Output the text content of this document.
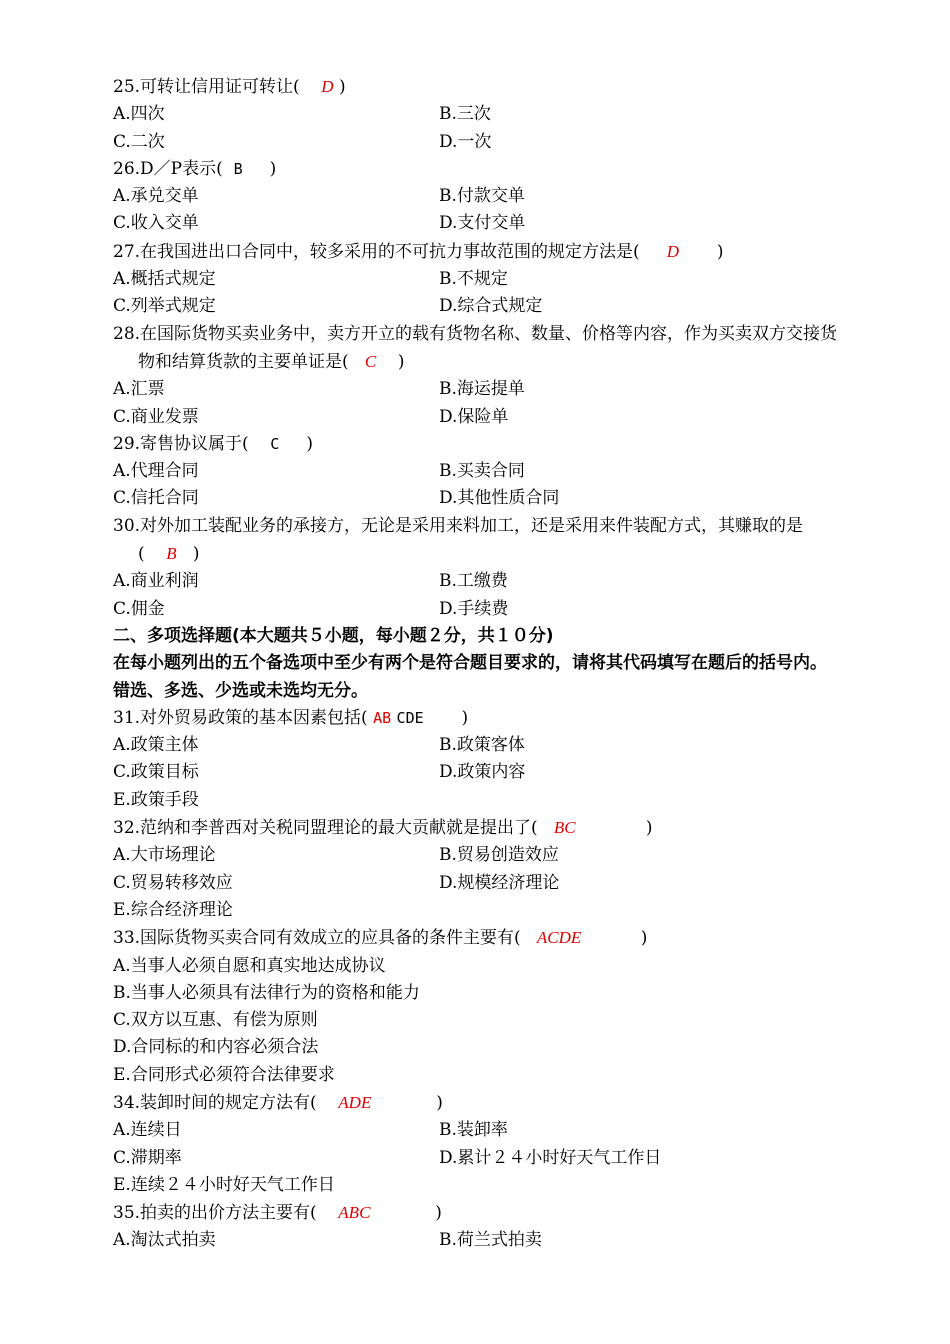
25.可转让信用证可转让( D )
A.四次	B.三次
C.二次	D.一次
26.D／P表示( B )
A.承兑交单	B.付款交单
C.收入交单	D.支付交单
27.在我国进出口合同中，较多采用的不可抗力事故范围的规定方法是( D )
A.概括式规定	B.不规定
C.列举式规定	D.综合式规定
28.在国际货物买卖业务中，卖方开立的载有货物名称、数量、价格等内容，作为买卖双方交接货物和结算货款的主要单证是( C )
A.汇票	B.海运提单
C.商业发票	D.保险单
29.寄售协议属于( C )
A.代理合同	B.买卖合同
C.信托合同	D.其他性质合同
30.对外加工装配业务的承接方，无论是采用来料加工，还是采用来件装配方式，其赚取的是( B )
A.商业利润	B.工缴费
C.佣金	D.手续费
二、多项选择题(本大题共５小题，每小题２分，共１０分)
在每小题列出的五个备选项中至少有两个是符合题目要求的，请将其代码填写在题后的括号内。错选、多选、少选或未选均无分。
31.对外贸易政策的基本因素包括( AB CDE )
A.政策主体	B.政策客体
C.政策目标	D.政策内容
E.政策手段
32.范纳和李普西对关税同盟理论的最大贡献就是提出了( BC	)
A.大市场理论	B.贸易创造效应
C.贸易转移效应	D.规模经济理论
E.综合经济理论
33.国际货物买卖合同有效成立的应具备的条件主要有( ACDE	)
A.当事人必须自愿和真实地达成协议
B.当事人必须具有法律行为的资格和能力
C.双方以互惠、有偿为原则
D.合同标的和内容必须合法
E.合同形式必须符合法律要求
34.装卸时间的规定方法有( ADE	)
A.连续日	B.装卸率
C.滞期率	D.累计２４小时好天气工作日
E.连续２４小时好天气工作日
35.拍卖的出价方法主要有( ABC	)
A.淘汰式拍卖	B.荷兰式拍卖
